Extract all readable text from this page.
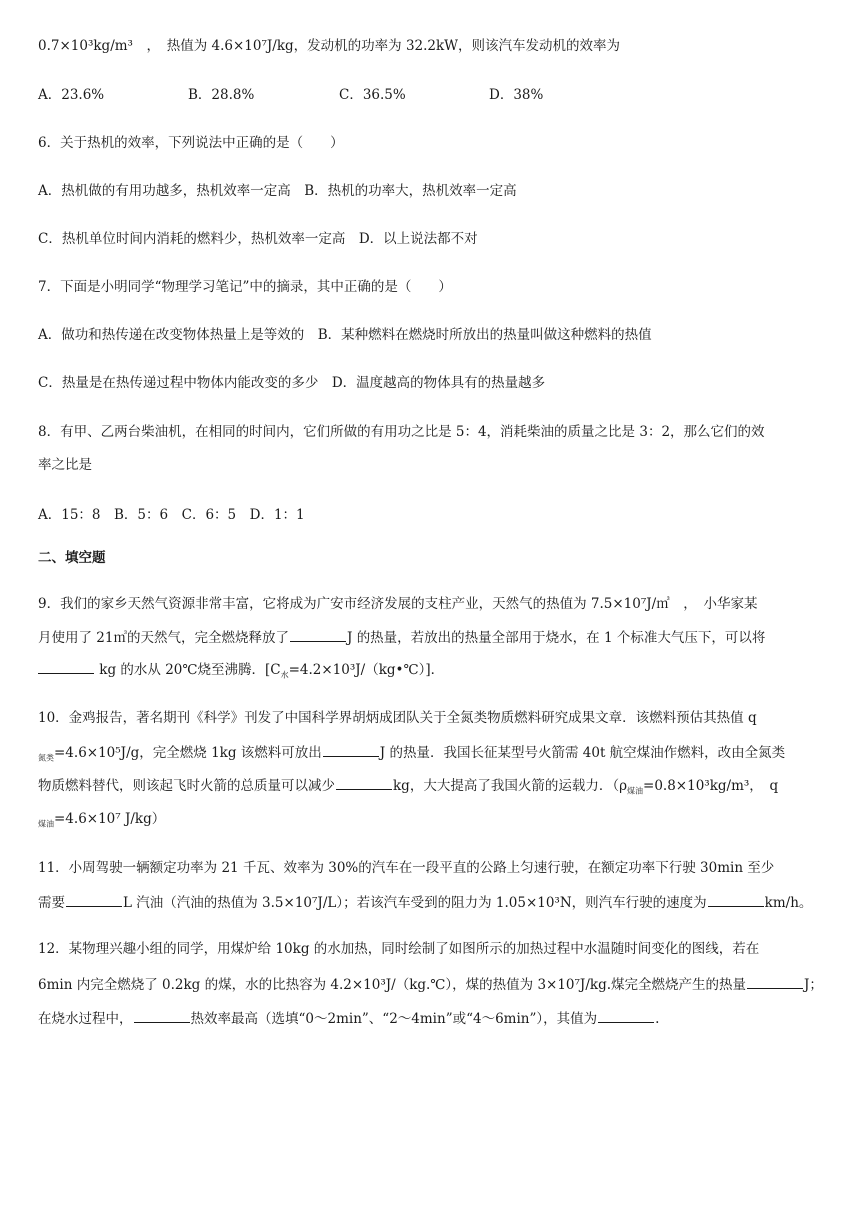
0.7×10³kg/m³　，　热值为 4.6×10⁷J/kg，发动机的功率为 32.2kW，则该汽车发动机的效率为
A．23.6%	B．28.8%	C．36.5%	D．38%
6．关于热机的效率，下列说法中正确的是（　　）
A．热机做的有用功越多，热机效率一定高　B．热机的功率大，热机效率一定高
C．热机单位时间内消耗的燃料少，热机效率一定高　D．以上说法都不对
7．下面是小明同学“物理学习笔记”中的摘录，其中正确的是（　　）
A．做功和热传递在改变物体热量上是等效的　B．某种燃料在燃烧时所放出的热量叫做这种燃料的热值
C．热量是在热传递过程中物体内能改变的多少　D．温度越高的物体具有的热量越多
8．有甲、乙两台柴油机，在相同的时间内，它们所做的有用功之比是 5：4，消耗柴油的质量之比是 3：2，那么它们的效
率之比是
A．15：8　B．5：6　C．6：5　D．1：1
二、填空题
9．我们的家乡天然气资源非常丰富，它将成为广安市经济发展的支柱产业，天然气的热值为 7.5×10⁷J/㎥　，　小华家某
月使用了 21㎥的天然气，完全燃烧释放了	J 的热量，若放出的热量全部用于烧水，在 1 个标准大气压下，可以将
kg 的水从 20℃烧至沸腾．$[C_水=4.2\times 10^3J/(kg•℃)]$．
10．金鸡报告，著名期刊《科学》刊发了中国科学界胡炳成团队关于全氮类物质燃料研究成果文章．该燃料预估其热值 q
$_{氮类}$=4.6×10⁵J/g，完全燃烧 1kg 该燃料可放出	J 的热量．我国长征某型号火箭需 40t 航空煤油作燃料，改由全氮类
物质燃料替代，则该起飞时火箭的总质量可以减少	kg，大大提高了我国火箭的运载力．（$\rho_{煤油}=0.8\times 10^3kg/m^3$，　q
$_{煤油}$=4.6×10⁷ J/kg）
11．小周驾驶一辆额定功率为 21 千瓦、效率为 30%的汽车在一段平直的公路上匀速行驶，在额定功率下行驶 30min 至少
需要	L 汽油（汽油的热值为 3.5×10⁷J/L）；若该汽车受到的阻力为 1.05×10³N，则汽车行驶的速度为	km/h。
12．某物理兴趣小组的同学，用煤炉给 10kg 的水加热，同时绘制了如图所示的加热过程中水温随时间变化的图线，若在
6min 内完全燃烧了 0.2kg 的煤，水的比热容为 4.2×10³J/（kg.℃），煤的热值为 3×10⁷J/kg.煤完全燃烧产生的热量	J；
在烧水过程中，	热效率最高（选填“0～2min”、“2～4min”或“4～6min”），其值为	.
